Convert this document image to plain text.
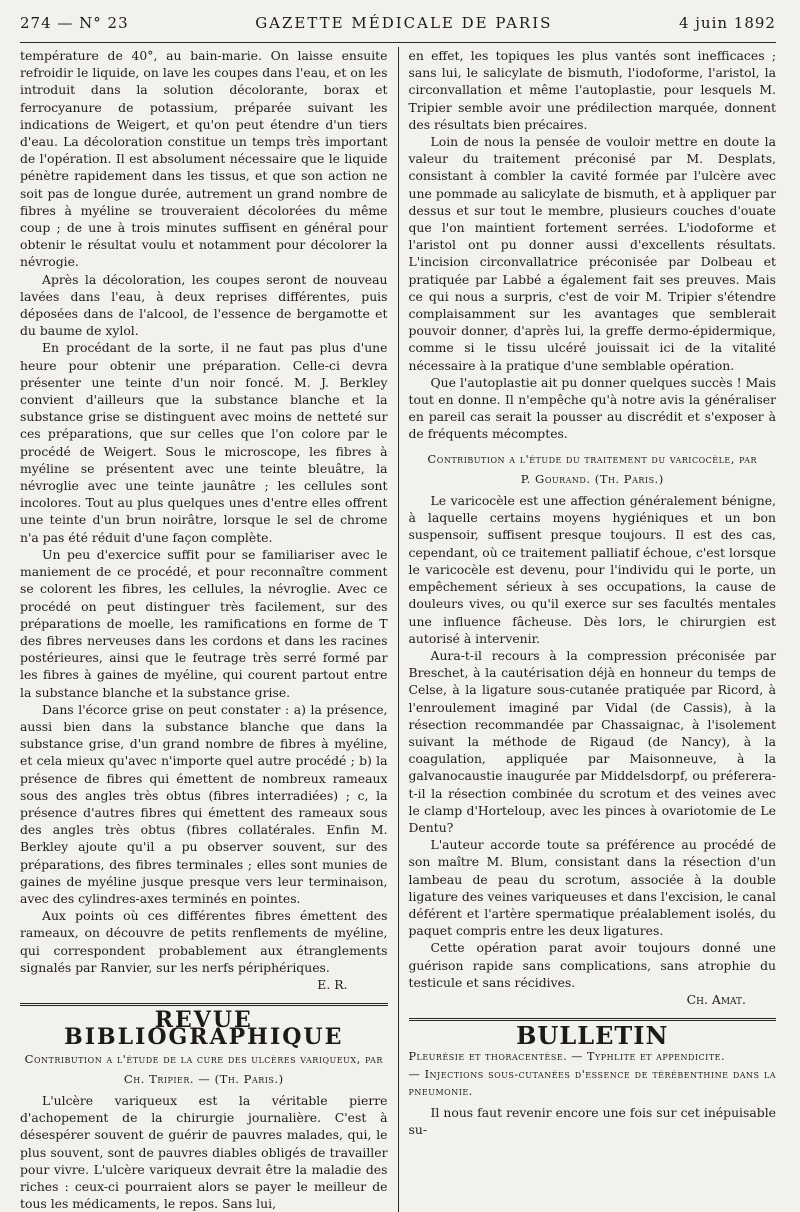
274 — N° 23	GAZETTE MÉDICALE DE PARIS	4 juin 1892

température de 40°, au bain-marie. On laisse ensuite refroidir le liquide, on lave les coupes dans l'eau, et on les introduit dans la solution décolorante, borax et ferrocyanure de potassium, préparée suivant les indications de Weigert, et qu'on peut étendre d'un tiers d'eau. La décoloration constitue un temps très important de l'opération. Il est absolument nécessaire que le liquide pénètre rapidement dans les tissus, et que son action ne soit pas de longue durée, autrement un grand nombre de fibres à myéline se trouveraient décolorées du même coup ; de une à trois minutes suffisent en général pour obtenir le résultat voulu et notamment pour décolorer la névrogie.

Après la décoloration, les coupes seront de nouveau lavées dans l'eau, à deux reprises différentes, puis déposées dans de l'alcool, de l'essence de bergamotte et du baume de xylol.

En procédant de la sorte, il ne faut pas plus d'une heure pour obtenir une préparation. Celle-ci devra présenter une teinte d'un noir foncé. M. J. Berkley convient d'ailleurs que la substance blanche et la substance grise se distinguent avec moins de netteté sur ces préparations, que sur celles que l'on colore par le procédé de Weigert. Sous le microscope, les fibres à myéline se présentent avec une teinte bleuâtre, la névroglie avec une teinte jaunâtre ; les cellules sont incolores. Tout au plus quelques unes d'entre elles offrent une teinte d'un brun noirâtre, lorsque le sel de chrome n'a pas été réduit d'une façon complète.

Un peu d'exercice suffit pour se familiariser avec le maniement de ce procédé, et pour reconnaître comment se colorent les fibres, les cellules, la névroglie. Avec ce procédé on peut distinguer très facilement, sur des préparations de moelle, les ramifications en forme de T des fibres nerveuses dans les cordons et dans les racines postérieures, ainsi que le feutrage très serré formé par les fibres à gaines de myéline, qui courent partout entre la substance blanche et la substance grise.

Dans l'écorce grise on peut constater : a) la présence, aussi bien dans la substance blanche que dans la substance grise, d'un grand nombre de fibres à myéline, et cela mieux qu'avec n'importe quel autre procédé ; b) la présence de fibres qui émettent de nombreux rameaux sous des angles très obtus (fibres interradiées) ; c, la présence d'autres fibres qui émettent des rameaux sous des angles très obtus (fibres collatérales. Enfin M. Berkley ajoute qu'il a pu observer souvent, sur des préparations, des fibres terminales ; elles sont munies de gaines de myéline jusque presque vers leur terminaison, avec des cylindres-axes terminés en pointes.

Aux points où ces différentes fibres émettent des rameaux, on découvre de petits renflements de myéline, qui correspondent probablement aux étranglements signalés par Ranvier, sur les nerfs périphériques.

E. R.
REVUE BIBLIOGRAPHIQUE

Contribution a l'étude de la cure des ulcères variqueux, par

Ch. Tripier. — (Th. Paris.)

L'ulcère variqueux est la véritable pierre d'achopement de la chirurgie journalière. C'est à désespérer souvent de guérir de pauvres malades, qui, le plus souvent, sont de pauvres diables obligés de travailler pour vivre. L'ulcère variqueux devrait être la maladie des riches : ceux-ci pourraient alors se payer le meilleur de tous les médicaments, le repos. Sans lui,

en effet, les topiques les plus vantés sont inefficaces ; sans lui, le salicylate de bismuth, l'iodoforme, l'aristol, la circonvallation et même l'autoplastie, pour lesquels M. Tripier semble avoir une prédilection marquée, donnent des résultats bien précaires.

Loin de nous la pensée de vouloir mettre en doute la valeur du traitement préconisé par M. Desplats, consistant à combler la cavité formée par l'ulcère avec une pommade au salicylate de bismuth, et à appliquer par dessus et sur tout le membre, plusieurs couches d'ouate que l'on maintient fortement serrées. L'iodoforme et l'aristol ont pu donner aussi d'excellents résultats. L'incision circonvallatrice préconisée par Dolbeau et pratiquée par Labbé a également fait ses preuves. Mais ce qui nous a surpris, c'est de voir M. Tripier s'étendre complaisamment sur les avantages que semblerait pouvoir donner, d'après lui, la greffe dermo-épidermique, comme si le tissu ulcéré jouissait ici de la vitalité nécessaire à la pratique d'une semblable opération.

Que l'autoplastie ait pu donner quelques succès ! Mais tout en donne. Il n'empêche qu'à notre avis la généraliser en pareil cas serait la pousser au discrédit et s'exposer à de fréquents mécomptes.

Contribution a l'étude du traitement du varicocèle, par

P. Gourand. (Th. Paris.)

Le varicocèle est une affection généralement bénigne, à laquelle certains moyens hygiéniques et un bon suspensoir, suffisent presque toujours. Il est des cas, cependant, où ce traitement palliatif échoue, c'est lorsque le varicocèle est devenu, pour l'individu qui le porte, un empêchement sérieux à ses occupations, la cause de douleurs vives, ou qu'il exerce sur ses facultés mentales une influence fâcheuse. Dès lors, le chirurgien est autorisé à intervenir.

Aura-t-il recours à la compression préconisée par Breschet, à la cautérisation déjà en honneur du temps de Celse, à la ligature sous-cutanée pratiquée par Ricord, à l'enroulement imaginé par Vidal (de Cassis), à la résection recommandée par Chassaignac, à l'isolement suivant la méthode de Rigaud (de Nancy), à la coagulation, appliquée par Maisonneuve, à la galvanocaustie inaugurée par Middelsdorpf, ou préferera-t-il la résection combinée du scrotum et des veines avec le clamp d'Horteloup, avec les pinces à ovariotomie de Le Dentu?

L'auteur accorde toute sa préférence au procédé de son maître M. Blum, consistant dans la résection d'un lambeau de peau du scrotum, associée à la double ligature des veines variqueuses et dans l'excision, le canal déférent et l'artère spermatique préalablement isolés, du paquet compris entre les deux ligatures.

Cette opération parat avoir toujours donné une guérison rapide sans complications, sans atrophie du testicule et sans récidives.

Ch. Amat.
BULLETIN

Pleurésie et thoracentèse. — Typhlite et appendicite.

— Injections sous-cutanées d'essence de térébenthine dans la pneumonie.

Il nous faut revenir encore une fois sur cet inépuisable su-
